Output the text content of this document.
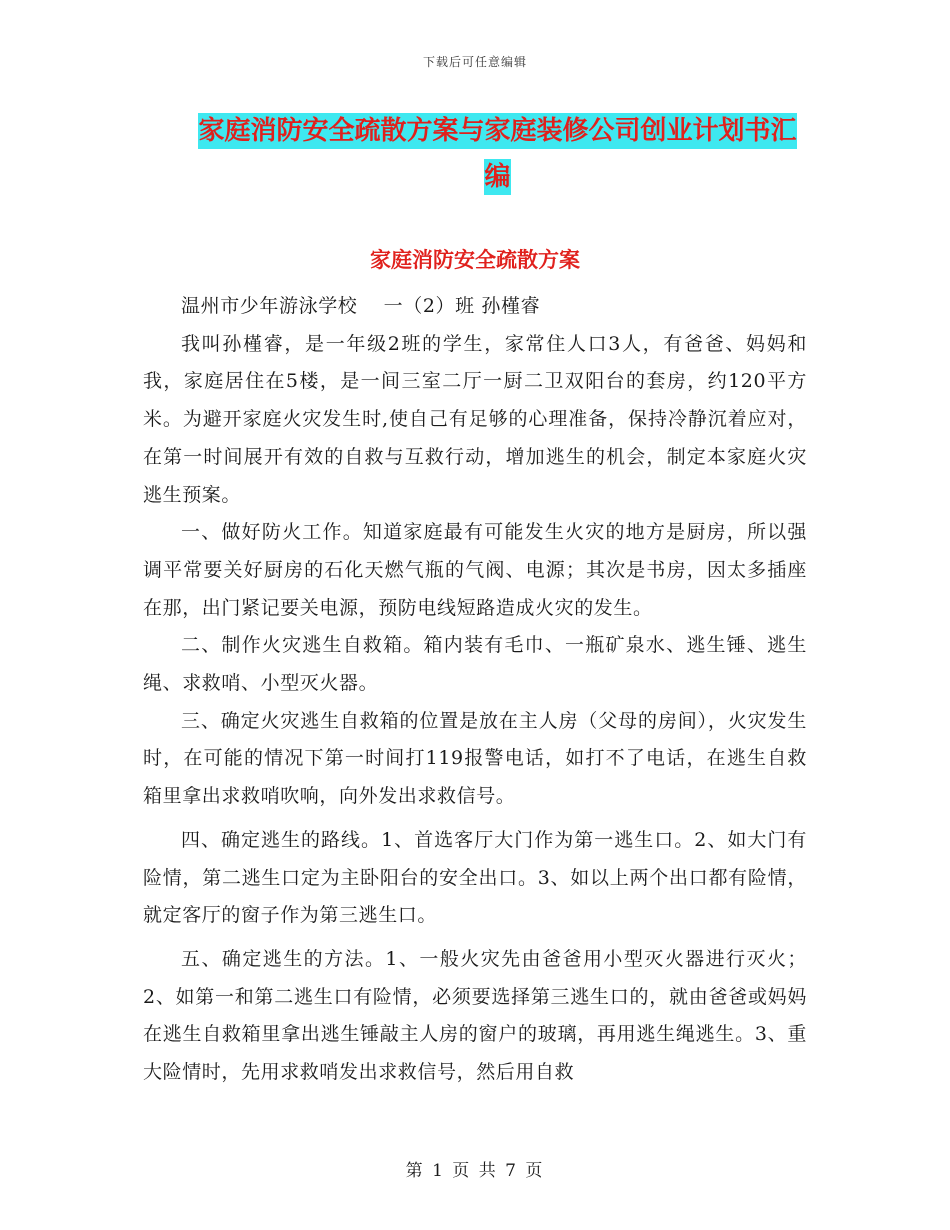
下载后可任意编辑
家庭消防安全疏散方案与家庭装修公司创业计划书汇编
家庭消防安全疏散方案

温州市少年游泳学校　 一（2）班 孙槿睿

我叫孙槿睿，是一年级2班的学生，家常住人口3人，有爸爸、妈妈和我，家庭居住在5楼，是一间三室二厅一厨二卫双阳台的套房，约120平方米。为避开家庭火灾发生时,使自己有足够的心理准备，保持冷静沉着应对，在第一时间展开有效的自救与互救行动，增加逃生的机会，制定本家庭火灾逃生预案。

一、做好防火工作。知道家庭最有可能发生火灾的地方是厨房，所以强调平常要关好厨房的石化天燃气瓶的气阀、电源；其次是书房，因太多插座在那，出门紧记要关电源，预防电线短路造成火灾的发生。

二、制作火灾逃生自救箱。箱内装有毛巾、一瓶矿泉水、逃生锤、逃生绳、求救哨、小型灭火器。

三、确定火灾逃生自救箱的位置是放在主人房（父母的房间），火灾发生时，在可能的情况下第一时间打119报警电话，如打不了电话，在逃生自救箱里拿出求救哨吹响，向外发出求救信号。

四、确定逃生的路线。1、首选客厅大门作为第一逃生口。2、如大门有险情，第二逃生口定为主卧阳台的安全出口。3、如以上两个出口都有险情，就定客厅的窗子作为第三逃生口。

五、确定逃生的方法。1、一般火灾先由爸爸用小型灭火器进行灭火；2、如第一和第二逃生口有险情，必须要选择第三逃生口的，就由爸爸或妈妈在逃生自救箱里拿出逃生锤敲主人房的窗户的玻璃，再用逃生绳逃生。3、重大险情时，先用求救哨发出求救信号，然后用自救

第 1 页 共 7 页
